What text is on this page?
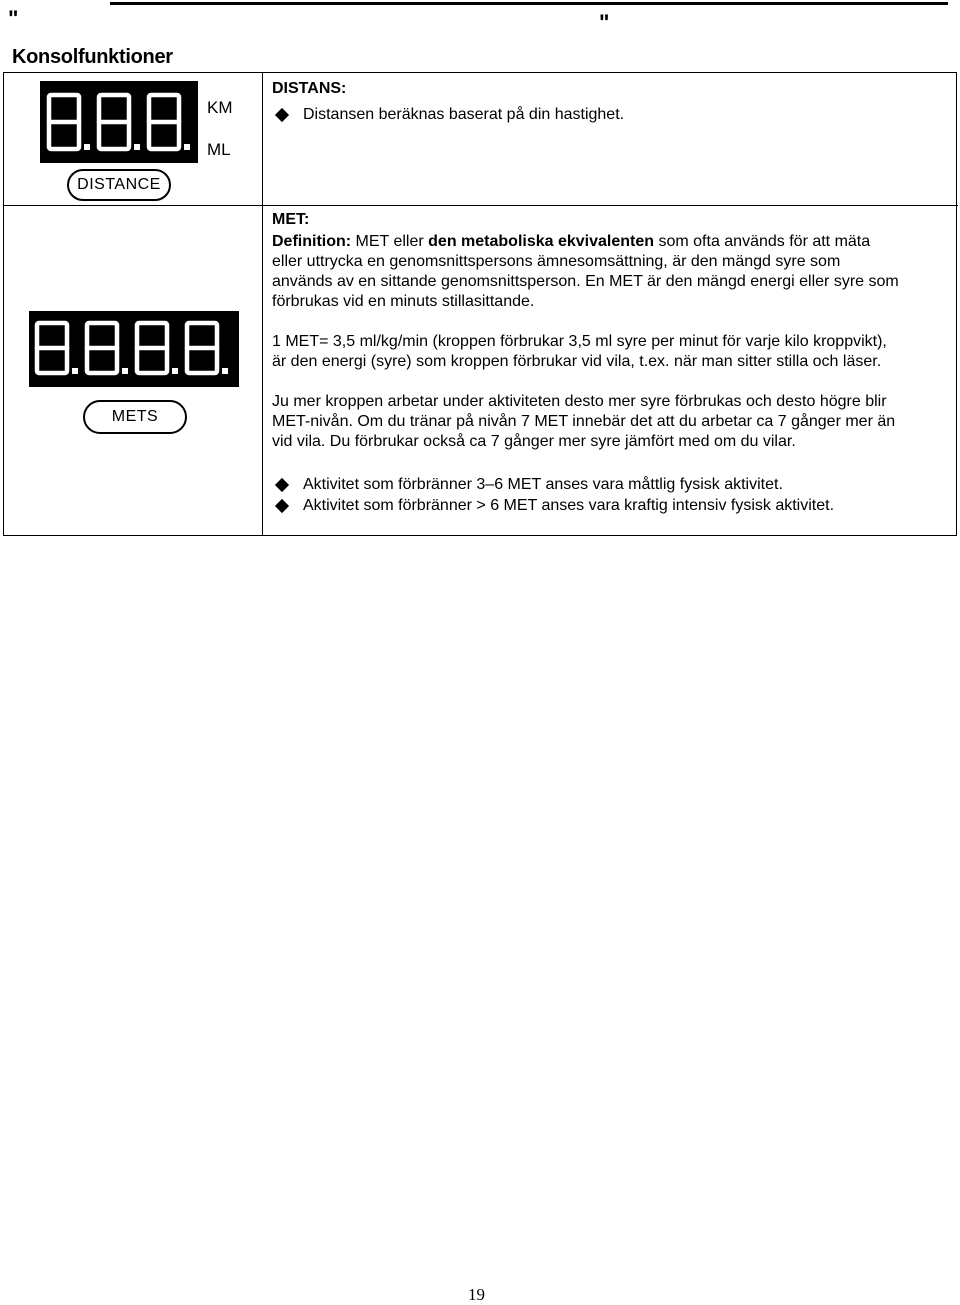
"	"
Konsolfunktioner
KM
ML
DISTANCE
DISTANS:
Distansen beräknas baserat på din hastighet.
METS
MET:
Definition: MET eller den metaboliska ekvivalenten som ofta används för att mäta
eller uttrycka en genomsnittspersons ämnesomsättning, är den mängd syre som
används av en sittande genomsnittsperson. En MET är den mängd energi eller syre som
förbrukas vid en minuts stillasittande.
1 MET= 3,5 ml/kg/min (kroppen förbrukar 3,5 ml syre per minut för varje kilo kroppvikt),
är den energi (syre) som kroppen förbrukar vid vila, t.ex. när man sitter stilla och läser.
Ju mer kroppen arbetar under aktiviteten desto mer syre förbrukas och desto högre blir
MET-nivån. Om du tränar på nivån 7 MET innebär det att du arbetar ca 7 gånger mer än
vid vila. Du förbrukar också ca 7 gånger mer syre jämfört med om du vilar.
Aktivitet som förbränner 3–6 MET anses vara måttlig fysisk aktivitet.
Aktivitet som förbränner > 6 MET anses vara kraftig intensiv fysisk aktivitet.
19
